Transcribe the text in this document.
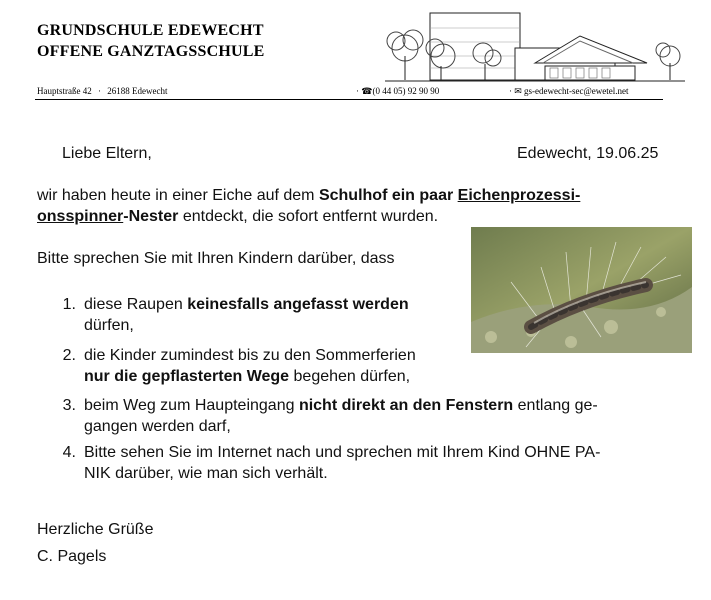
GRUNDSCHULE EDEWECHT
OFFENE GANZTAGSSCHULE
Hauptstraße 42 · 26188 Edewecht	· ☎(0 44 05) 92 90 90	· ✉ gs-edewecht-sec@ewetel.net
Liebe Eltern,	Edewecht, 19.06.25
wir haben heute in einer Eiche auf dem Schulhof ein paar Eichenprozessi-
onsspinner-Nester entdeckt, die sofort entfernt wurden.
Bitte sprechen Sie mit Ihren Kindern darüber, dass
1. diese Raupen keinesfalls angefasst werden
dürfen,
2. die Kinder zumindest bis zu den Sommerferien
nur die gepflasterten Wege begehen dürfen,
3. beim Weg zum Haupteingang nicht direkt an den Fenstern entlang ge-
gangen werden darf,
4. Bitte sehen Sie im Internet nach und sprechen mit Ihrem Kind OHNE PA-
NIK darüber, wie man sich verhält.
Herzliche Grüße
C. Pagels
